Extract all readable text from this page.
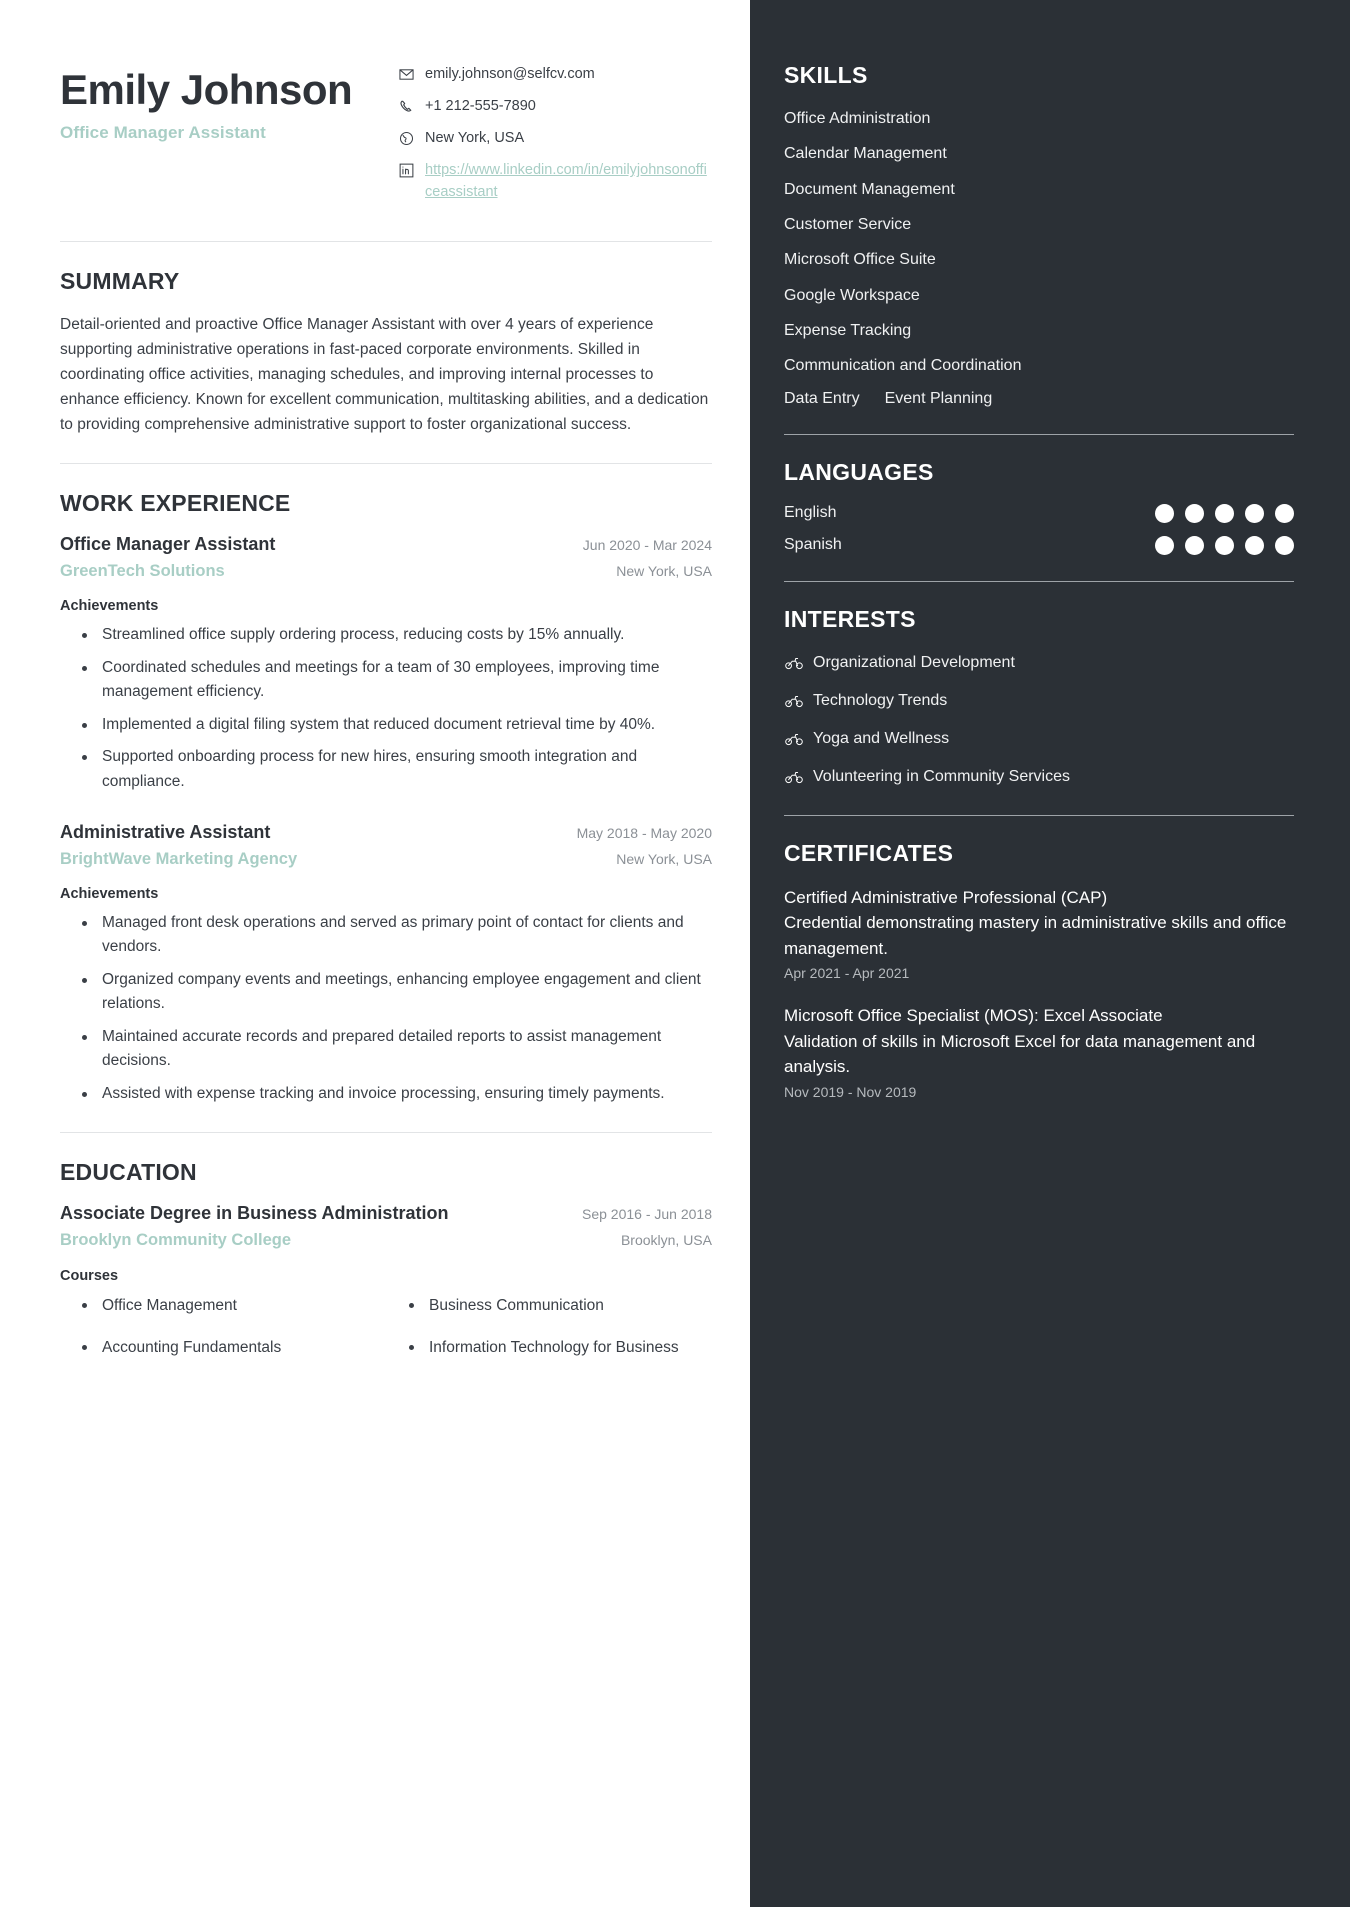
Emily Johnson
Office Manager Assistant
emily.johnson@selfcv.com
+1 212-555-7890
New York, USA
https://www.linkedin.com/in/emilyjohnsonofficeassistant
SUMMARY
Detail-oriented and proactive Office Manager Assistant with over 4 years of experience supporting administrative operations in fast-paced corporate environments. Skilled in coordinating office activities, managing schedules, and improving internal processes to enhance efficiency. Known for excellent communication, multitasking abilities, and a dedication to providing comprehensive administrative support to foster organizational success.
WORK EXPERIENCE
Office Manager Assistant	Jun 2020 - Mar 2024
GreenTech Solutions	New York, USA
Achievements
Streamlined office supply ordering process, reducing costs by 15% annually.
Coordinated schedules and meetings for a team of 30 employees, improving time management efficiency.
Implemented a digital filing system that reduced document retrieval time by 40%.
Supported onboarding process for new hires, ensuring smooth integration and compliance.
Administrative Assistant	May 2018 - May 2020
BrightWave Marketing Agency	New York, USA
Achievements
Managed front desk operations and served as primary point of contact for clients and vendors.
Organized company events and meetings, enhancing employee engagement and client relations.
Maintained accurate records and prepared detailed reports to assist management decisions.
Assisted with expense tracking and invoice processing, ensuring timely payments.
EDUCATION
Associate Degree in Business Administration	Sep 2016 - Jun 2018
Brooklyn Community College	Brooklyn, USA
Courses
Office Management	Business Communication
Accounting Fundamentals	Information Technology for Business
SKILLS
Office Administration
Calendar Management
Document Management
Customer Service
Microsoft Office Suite
Google Workspace
Expense Tracking
Communication and Coordination
Data Entry Event Planning
LANGUAGES
English
Spanish
INTERESTS
Organizational Development
Technology Trends
Yoga and Wellness
Volunteering in Community Services
CERTIFICATES
Certified Administrative Professional (CAP)
Credential demonstrating mastery in administrative skills and office management.
Apr 2021 - Apr 2021
Microsoft Office Specialist (MOS): Excel Associate
Validation of skills in Microsoft Excel for data management and analysis.
Nov 2019 - Nov 2019
